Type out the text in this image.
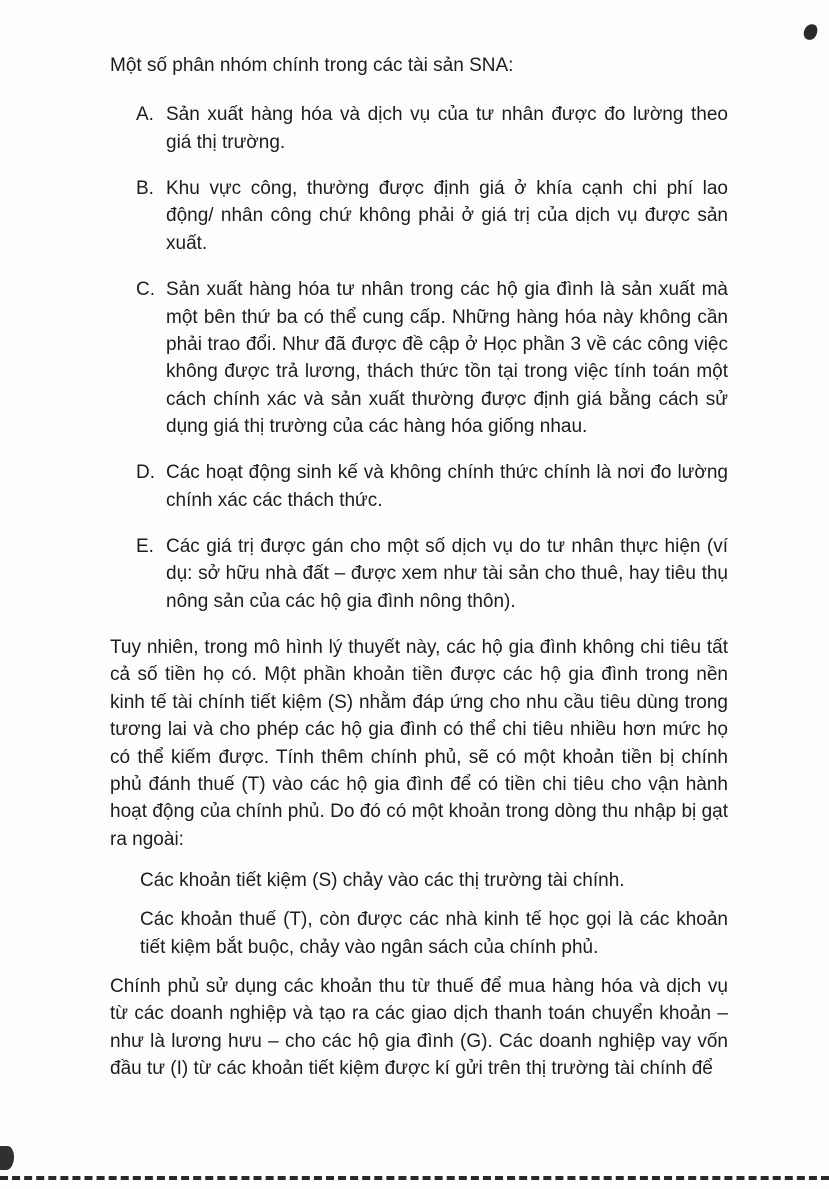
Một số phân nhóm chính trong các tài sản SNA:

A. Sản xuất hàng hóa và dịch vụ của tư nhân được đo lường theo giá thị trường.
B. Khu vực công, thường được định giá ở khía cạnh chi phí lao động/ nhân công chứ không phải ở giá trị của dịch vụ được sản xuất.
C. Sản xuất hàng hóa tư nhân trong các hộ gia đình là sản xuất mà một bên thứ ba có thể cung cấp. Những hàng hóa này không cần phải trao đổi. Như đã được đề cập ở Học phần 3 về các công việc không được trả lương, thách thức tồn tại trong việc tính toán một cách chính xác và sản xuất thường được định giá bằng cách sử dụng giá thị trường của các hàng hóa giống nhau.
D. Các hoạt động sinh kế và không chính thức chính là nơi đo lường chính xác các thách thức.
E. Các giá trị được gán cho một số dịch vụ do tư nhân thực hiện (ví dụ: sở hữu nhà đất – được xem như tài sản cho thuê, hay tiêu thụ nông sản của các hộ gia đình nông thôn).

Tuy nhiên, trong mô hình lý thuyết này, các hộ gia đình không chi tiêu tất cả số tiền họ có. Một phần khoản tiền được các hộ gia đình trong nền kinh tế tài chính tiết kiệm (S) nhằm đáp ứng cho nhu cầu tiêu dùng trong tương lai và cho phép các hộ gia đình có thể chi tiêu nhiều hơn mức họ có thể kiếm được. Tính thêm chính phủ, sẽ có một khoản tiền bị chính phủ đánh thuế (T) vào các hộ gia đình để có tiền chi tiêu cho vận hành hoạt động của chính phủ. Do đó có một khoản trong dòng thu nhập bị gạt ra ngoài:

Các khoản tiết kiệm (S) chảy vào các thị trường tài chính.

Các khoản thuế (T), còn được các nhà kinh tế học gọi là các khoản tiết kiệm bắt buộc, chảy vào ngân sách của chính phủ.

Chính phủ sử dụng các khoản thu từ thuế để mua hàng hóa và dịch vụ từ các doanh nghiệp và tạo ra các giao dịch thanh toán chuyển khoản – như là lương hưu – cho các hộ gia đình (G). Các doanh nghiệp vay vốn đầu tư (I) từ các khoản tiết kiệm được kí gửi trên thị trường tài chính để
